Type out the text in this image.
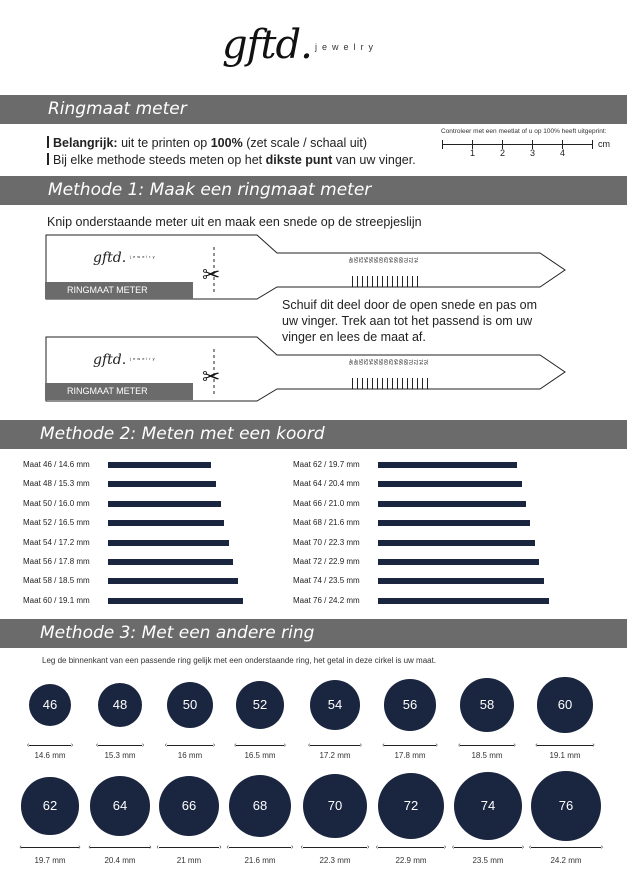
gftd. jewelry
Ringmaat meter
Belangrijk: uit te printen op 100% (zet scale / schaal uit)
Bij elke methode steeds meten op het dikste punt van uw vinger.
Controleer met een meetlat of u op 100% heeft uitgeprint:
1	2	3	4
cm
Methode 1: Maak een ringmaat meter
Knip onderstaande meter uit en maak een snede op de streepjeslijn
gftd. $^{jewelry}$
✂
RINGMAAT METER
48 50 52 54 56 58 60 62 64 66 68 70 72 74
Schuif dit deel door de open snede en pas om uw vinger. Trek aan tot het passend is om uw vinger en lees de maat af.
gftd. $^{jewelry}$
✂
RINGMAAT METER
46 48 50 52 54 56 58 60 62 64 66 68 70 72 74 76
Methode 2: Meten met een koord
Maat 46 / 14.6 mm
Maat 48 / 15.3 mm
Maat 50 / 16.0 mm
Maat 52 / 16.5 mm
Maat 54 / 17.2 mm
Maat 56 / 17.8 mm
Maat 58 / 18.5 mm
Maat 60 / 19.1 mm
Maat 62 / 19.7 mm
Maat 64 / 20.4 mm
Maat 66 / 21.0 mm
Maat 68 / 21.6 mm
Maat 70 / 22.3 mm
Maat 72 / 22.9 mm
Maat 74 / 23.5 mm
Maat 76 / 24.2 mm
Methode 3: Met een andere ring
Leg de binnenkant van een passende ring gelijk met een onderstaande ring, het getal in deze cirkel is uw maat.
46
‹	›
14.6 mm
48
‹	›
15.3 mm
50
‹	›
16 mm
52
‹	›
16.5 mm
54
‹	›
17.2 mm
56
‹	›
17.8 mm
58
‹	›
18.5 mm
60
‹	›
19.1 mm
62
‹	›
19.7 mm
64
‹	›
20.4 mm
66
‹	›
21 mm
68
‹	›
21.6 mm
70
‹	›
22.3 mm
72
‹	›
22.9 mm
74
‹	›
23.5 mm
76
‹	›
24.2 mm
